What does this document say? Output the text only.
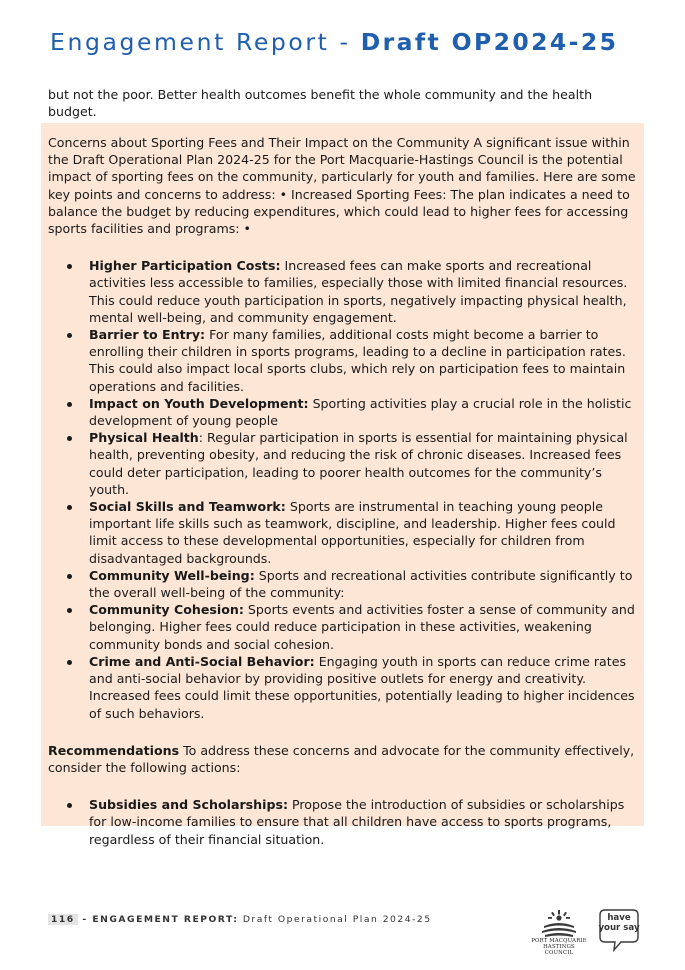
Engagement Report - Draft OP2024-25

but not the poor. Better health outcomes benefit the whole community and the health budget.

Concerns about Sporting Fees and Their Impact on the Community A significant issue within the Draft Operational Plan 2024-25 for the Port Macquarie-Hastings Council is the potential impact of sporting fees on the community, particularly for youth and families. Here are some key points and concerns to address: • Increased Sporting Fees: The plan indicates a need to balance the budget by reducing expenditures, which could lead to higher fees for accessing sports facilities and programs: •

Higher Participation Costs: Increased fees can make sports and recreational activities less accessible to families, especially those with limited financial resources. This could reduce youth participation in sports, negatively impacting physical health, mental well-being, and community engagement.
Barrier to Entry: For many families, additional costs might become a barrier to enrolling their children in sports programs, leading to a decline in participation rates. This could also impact local sports clubs, which rely on participation fees to maintain operations and facilities.
Impact on Youth Development: Sporting activities play a crucial role in the holistic development of young people
Physical Health: Regular participation in sports is essential for maintaining physical health, preventing obesity, and reducing the risk of chronic diseases. Increased fees could deter participation, leading to poorer health outcomes for the community’s youth.
Social Skills and Teamwork: Sports are instrumental in teaching young people important life skills such as teamwork, discipline, and leadership. Higher fees could limit access to these developmental opportunities, especially for children from disadvantaged backgrounds.
Community Well-being: Sports and recreational activities contribute significantly to the overall well-being of the community:
Community Cohesion: Sports events and activities foster a sense of community and belonging. Higher fees could reduce participation in these activities, weakening community bonds and social cohesion.
Crime and Anti-Social Behavior: Engaging youth in sports can reduce crime rates and anti-social behavior by providing positive outlets for energy and creativity. Increased fees could limit these opportunities, potentially leading to higher incidences of such behaviors.

Recommendations To address these concerns and advocate for the community effectively, consider the following actions:

Subsidies and Scholarships: Propose the introduction of subsidies or scholarships for low-income families to ensure that all children have access to sports programs, regardless of their financial situation.
116 - ENGAGEMENT REPORT: Draft Operational Plan 2024-25
PORT MACQUARIE
HASTINGS COUNCIL
have
your say
